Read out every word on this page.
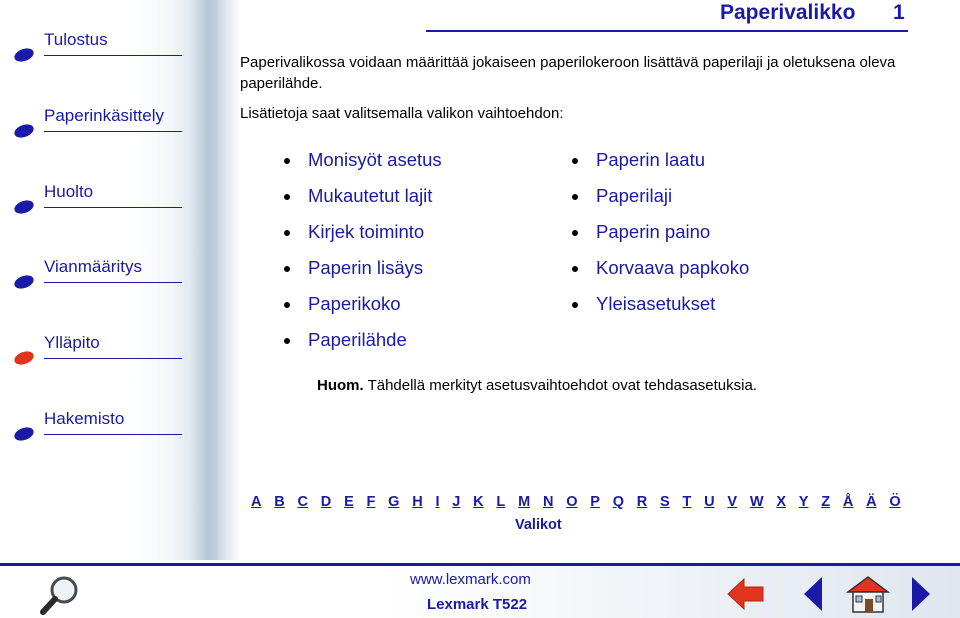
Tulostus
Paperinkäsittely
Huolto
Vianmääritys
Ylläpito
Hakemisto
Paperivalikko 1

Paperivalikossa voidaan määrittää jokaiseen paperilokeroon lisättävä paperilaji ja oletuksena oleva paperilähde.

Lisätietoja saat valitsemalla valikon vaihtoehdon:

Monisyöt asetus
Mukautetut lajit
Kirjek toiminto
Paperin lisäys
Paperikoko
Paperilähde
Paperin laatu
Paperilaji
Paperin paino
Korvaava papkoko
Yleisasetukset

Huom. Tähdellä merkityt asetusvaihtoehdot ovat tehdasasetuksia.

A B C D E F G H I J K L M N O P Q R S T U V W X Y Z Å Ä Ö
Valikot
www.lexmark.com
Lexmark T522
